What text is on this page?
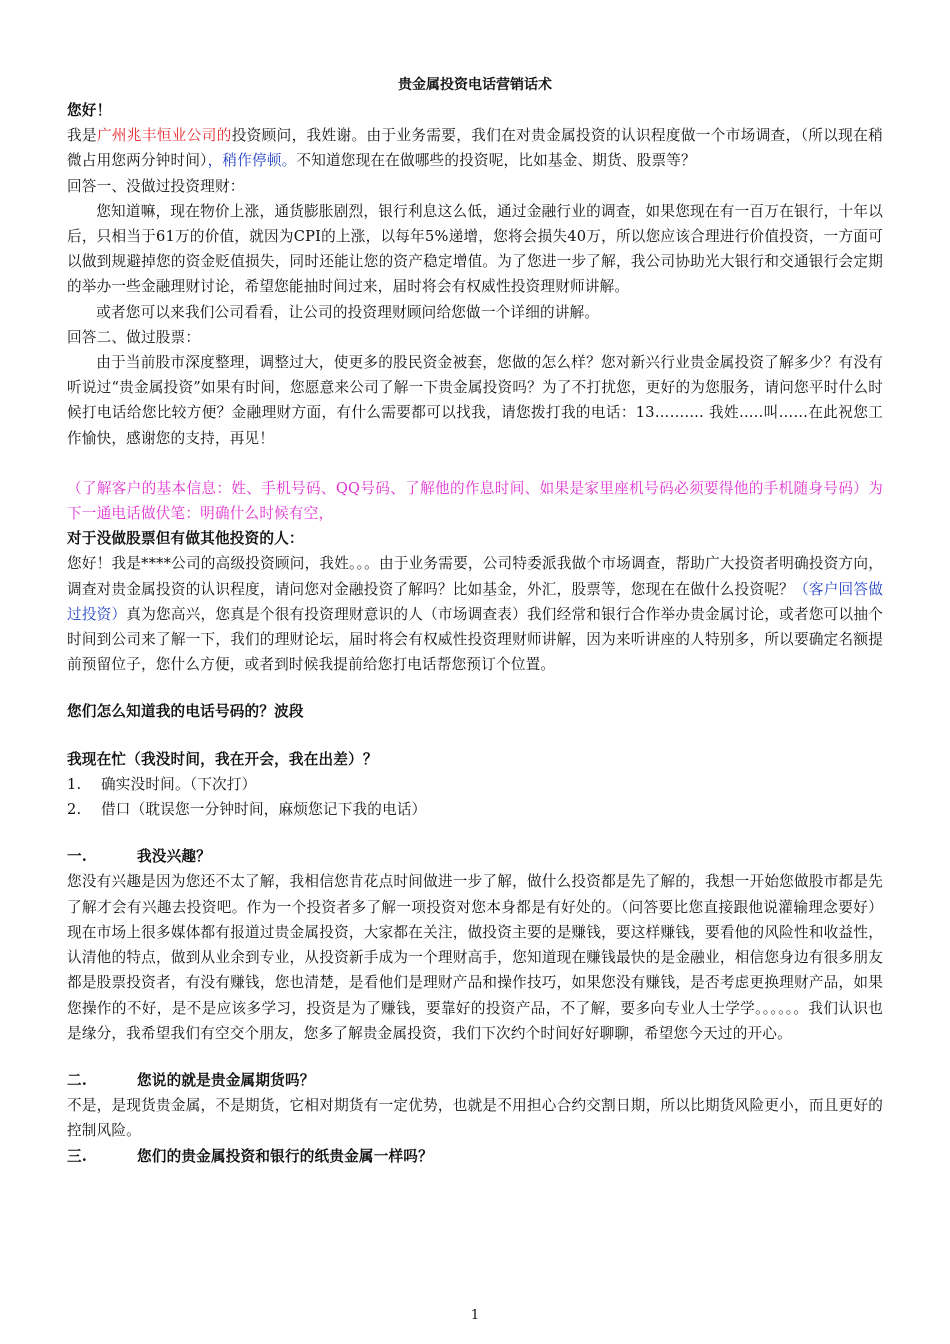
贵金属投资电话营销话术

您好！

我是广州兆丰恒业公司的投资顾问，我姓谢。由于业务需要，我们在对贵金属投资的认识程度做一个市场调查，（所以现在稍微占用您两分钟时间），稍作停顿。不知道您现在在做哪些的投资呢，比如基金、期货、股票等？

回答一、没做过投资理财：

您知道嘛，现在物价上涨，通货膨胀剧烈，银行利息这么低，通过金融行业的调查，如果您现在有一百万在银行，十年以后，只相当于61万的价值，就因为CPI的上涨，以每年5%递增，您将会损失40万，所以您应该合理进行价值投资，一方面可以做到规避掉您的资金贬值损失，同时还能让您的资产稳定增值。为了您进一步了解，我公司协助光大银行和交通银行会定期的举办一些金融理财讨论，希望您能抽时间过来，届时将会有权威性投资理财师讲解。

或者您可以来我们公司看看，让公司的投资理财顾问给您做一个详细的讲解。

回答二、做过股票：

由于当前股市深度整理，调整过大，使更多的股民资金被套，您做的怎么样？您对新兴行业贵金属投资了解多少？有没有听说过“贵金属投资”如果有时间，您愿意来公司了解一下贵金属投资吗？为了不打扰您，更好的为您服务，请问您平时什么时候打电话给您比较方便？金融理财方面，有什么需要都可以找我，请您拨打我的电话：13………. 我姓…..叫……在此祝您工作愉快，感谢您的支持，再见！

（了解客户的基本信息：姓、手机号码、QQ号码、了解他的作息时间、如果是家里座机号码必须要得他的手机随身号码）为下一通电话做伏笔：明确什么时候有空，

对于没做股票但有做其他投资的人：

您好！我是****公司的高级投资顾问，我姓。。。由于业务需要，公司特委派我做个市场调查，帮助广大投资者明确投资方向，调查对贵金属投资的认识程度，请问您对金融投资了解吗？比如基金，外汇，股票等，您现在在做什么投资呢？（客户回答做过投资）真为您高兴，您真是个很有投资理财意识的人（市场调查表）我们经常和银行合作举办贵金属讨论，或者您可以抽个时间到公司来了解一下，我们的理财论坛，届时将会有权威性投资理财师讲解，因为来听讲座的人特别多，所以要确定名额提前预留位子，您什么方便，或者到时候我提前给您打电话帮您预订个位置。

您们怎么知道我的电话号码的？波段

我现在忙（我没时间，我在开会，我在出差）？

1.	确实没时间。（下次打）
2.	借口（耽误您一分钟时间，麻烦您记下我的电话）
一.	我没兴趣？

您没有兴趣是因为您还不太了解，我相信您肯花点时间做进一步了解，做什么投资都是先了解的，我想一开始您做股市都是先了解才会有兴趣去投资吧。作为一个投资者多了解一项投资对您本身都是有好处的。（问答要比您直接跟他说灌输理念要好）现在市场上很多媒体都有报道过贵金属投资，大家都在关注，做投资主要的是赚钱，要这样赚钱，要看他的风险性和收益性，认清他的特点，做到从业余到专业，从投资新手成为一个理财高手，您知道现在赚钱最快的是金融业，相信您身边有很多朋友都是股票投资者，有没有赚钱，您也清楚，是看他们是理财产品和操作技巧，如果您没有赚钱，是否考虑更换理财产品，如果您操作的不好，是不是应该多学习，投资是为了赚钱，要靠好的投资产品，不了解，要多向专业人士学学。。。。。。我们认识也是缘分，我希望我们有空交个朋友，您多了解贵金属投资，我们下次约个时间好好聊聊，希望您今天过的开心。

二.	您说的就是贵金属期货吗？

不是，是现货贵金属，不是期货，它相对期货有一定优势，也就是不用担心合约交割日期，所以比期货风险更小，而且更好的控制风险。

三.	您们的贵金属投资和银行的纸贵金属一样吗？
1
